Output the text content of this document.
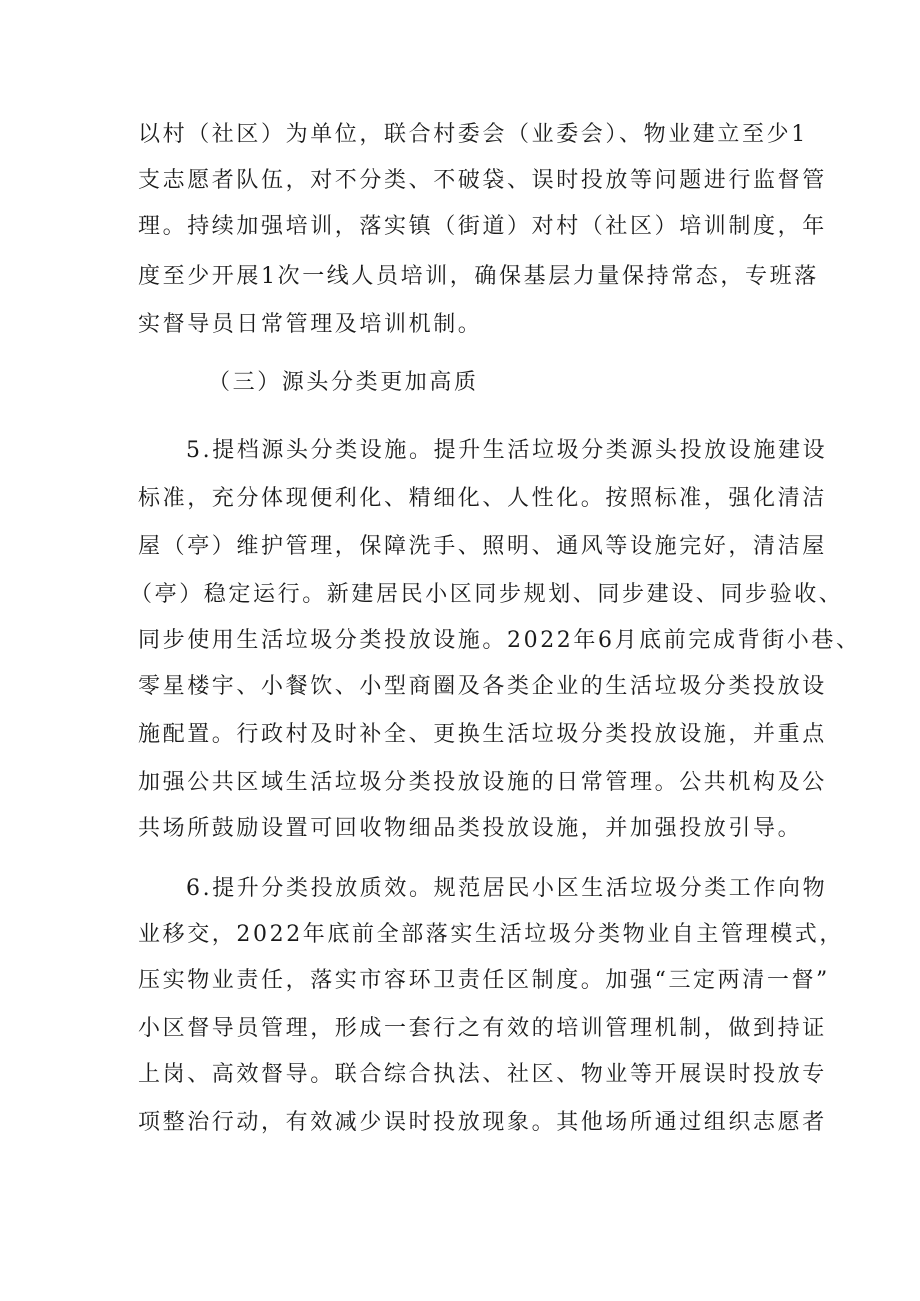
以村（社区）为单位，联合村委会（业委会）、物业建立至少1
支志愿者队伍，对不分类、不破袋、误时投放等问题进行监督管
理。持续加强培训，落实镇（街道）对村（社区）培训制度，年
度至少开展1次一线人员培训，确保基层力量保持常态，专班落
实督导员日常管理及培训机制。
（三）源头分类更加高质
5.提档源头分类设施。提升生活垃圾分类源头投放设施建设
标准，充分体现便利化、精细化、人性化。按照标准，强化清洁
屋（亭）维护管理，保障洗手、照明、通风等设施完好，清洁屋
（亭）稳定运行。新建居民小区同步规划、同步建设、同步验收、
同步使用生活垃圾分类投放设施。2022年6月底前完成背街小巷、
零星楼宇、小餐饮、小型商圈及各类企业的生活垃圾分类投放设
施配置。行政村及时补全、更换生活垃圾分类投放设施，并重点
加强公共区域生活垃圾分类投放设施的日常管理。公共机构及公
共场所鼓励设置可回收物细品类投放设施，并加强投放引导。
6.提升分类投放质效。规范居民小区生活垃圾分类工作向物
业移交，2022年底前全部落实生活垃圾分类物业自主管理模式，
压实物业责任，落实市容环卫责任区制度。加强“三定两清一督”
小区督导员管理，形成一套行之有效的培训管理机制，做到持证
上岗、高效督导。联合综合执法、社区、物业等开展误时投放专
项整治行动，有效减少误时投放现象。其他场所通过组织志愿者
